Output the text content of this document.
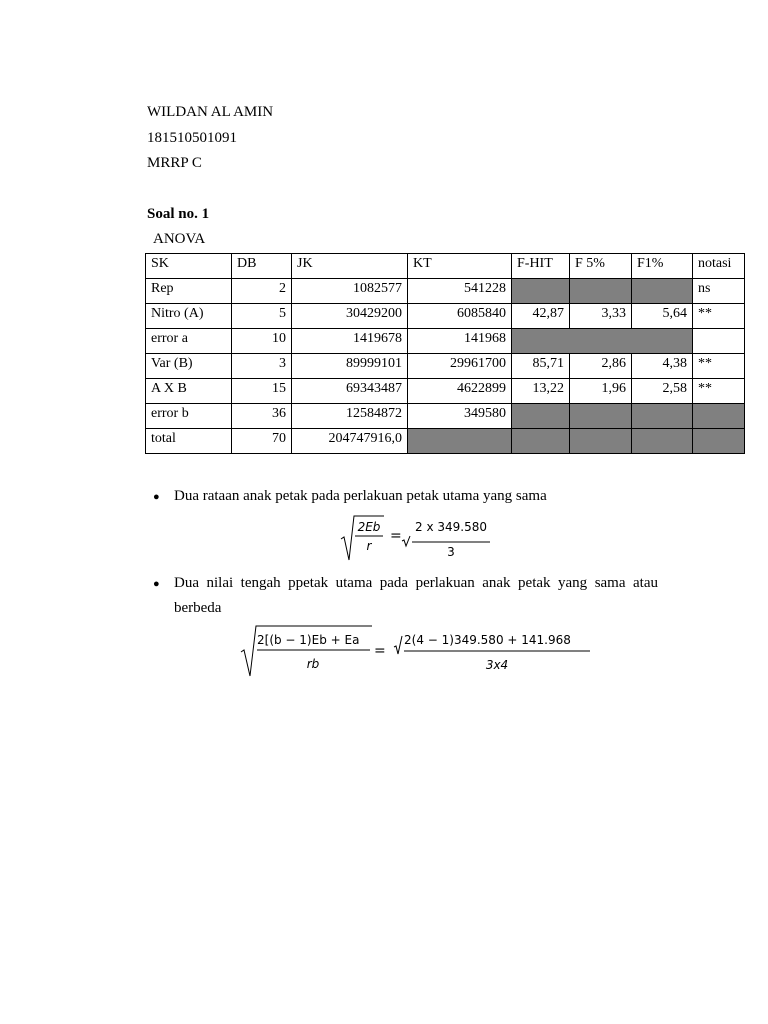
WILDAN AL AMIN
181510501091
MRRP C
Soal no. 1
ANOVA
SK	DB	JK	KT	F-HIT	F 5%	F1%	notasi
Rep	2	1082577	541228				ns
Nitro (A)	5	30429200	6085840	42,87	3,33	5,64	**
error a	10	1419678	141968				
Var (B)	3	89999101	29961700	85,71	2,86	4,38	**
A X B	15	69343487	4622899	13,22	1,96	2,58	**
error b	36	12584872	349580				
total	70	204747916,0					
● Dua rataan anak petak pada perlakuan petak utama yang sama
2Eb
r
=
2 x 349.580
3
● Dua nilai tengah ppetak utama pada perlakuan anak petak yang sama atau
berbeda
2[(b − 1)Eb + Ea
rb
=
2(4 − 1)349.580 + 141.968
3x4
